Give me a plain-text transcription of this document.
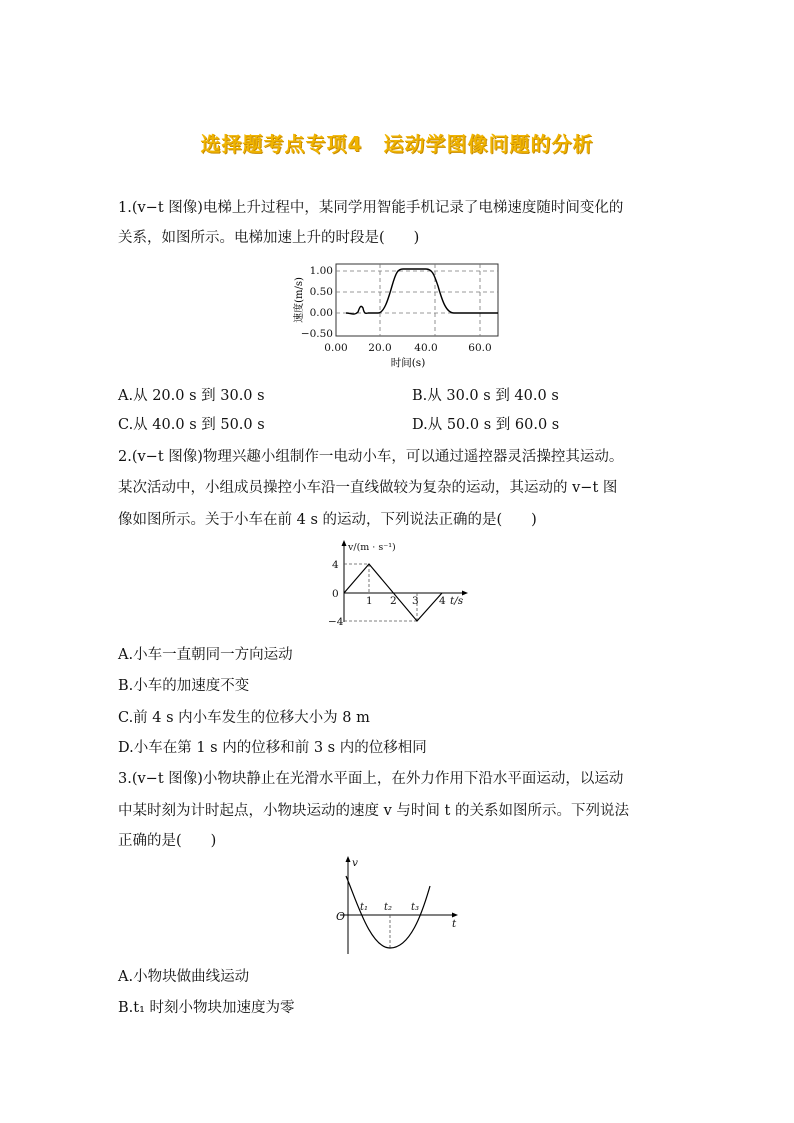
选择题考点专项4　运动学图像问题的分析
1.(v−t 图像)电梯上升过程中，某同学用智能手机记录了电梯速度随时间变化的
关系，如图所示。电梯加速上升的时段是(　　)
1.00
0.50
0.00
−0.50
0.00 20.0 40.0	60.0
时间(s)
速度(m/s)
A.从 20.0 s 到 30.0 s	B.从 30.0 s 到 40.0 s
C.从 40.0 s 到 50.0 s	D.从 50.0 s 到 60.0 s
2.(v−t 图像)物理兴趣小组制作一电动小车，可以通过遥控器灵活操控其运动。
某次活动中，小组成员操控小车沿一直线做较为复杂的运动，其运动的 v−t 图
像如图所示。关于小车在前 4 s 的运动，下列说法正确的是(　　)
4
0
−4
1 2 3 4 t/s
v/(m · s⁻¹)
A.小车一直朝同一方向运动
B.小车的加速度不变
C.前 4 s 内小车发生的位移大小为 8 m
D.小车在第 1 s 内的位移和前 3 s 内的位移相同
3.(v−t 图像)小物块静止在光滑水平面上，在外力作用下沿水平面运动，以运动
中某时刻为计时起点，小物块运动的速度 v 与时间 t 的关系如图所示。下列说法
正确的是(　　)
v
t
O
t₁ t₂ t₃
A.小物块做曲线运动
B.t₁ 时刻小物块加速度为零
